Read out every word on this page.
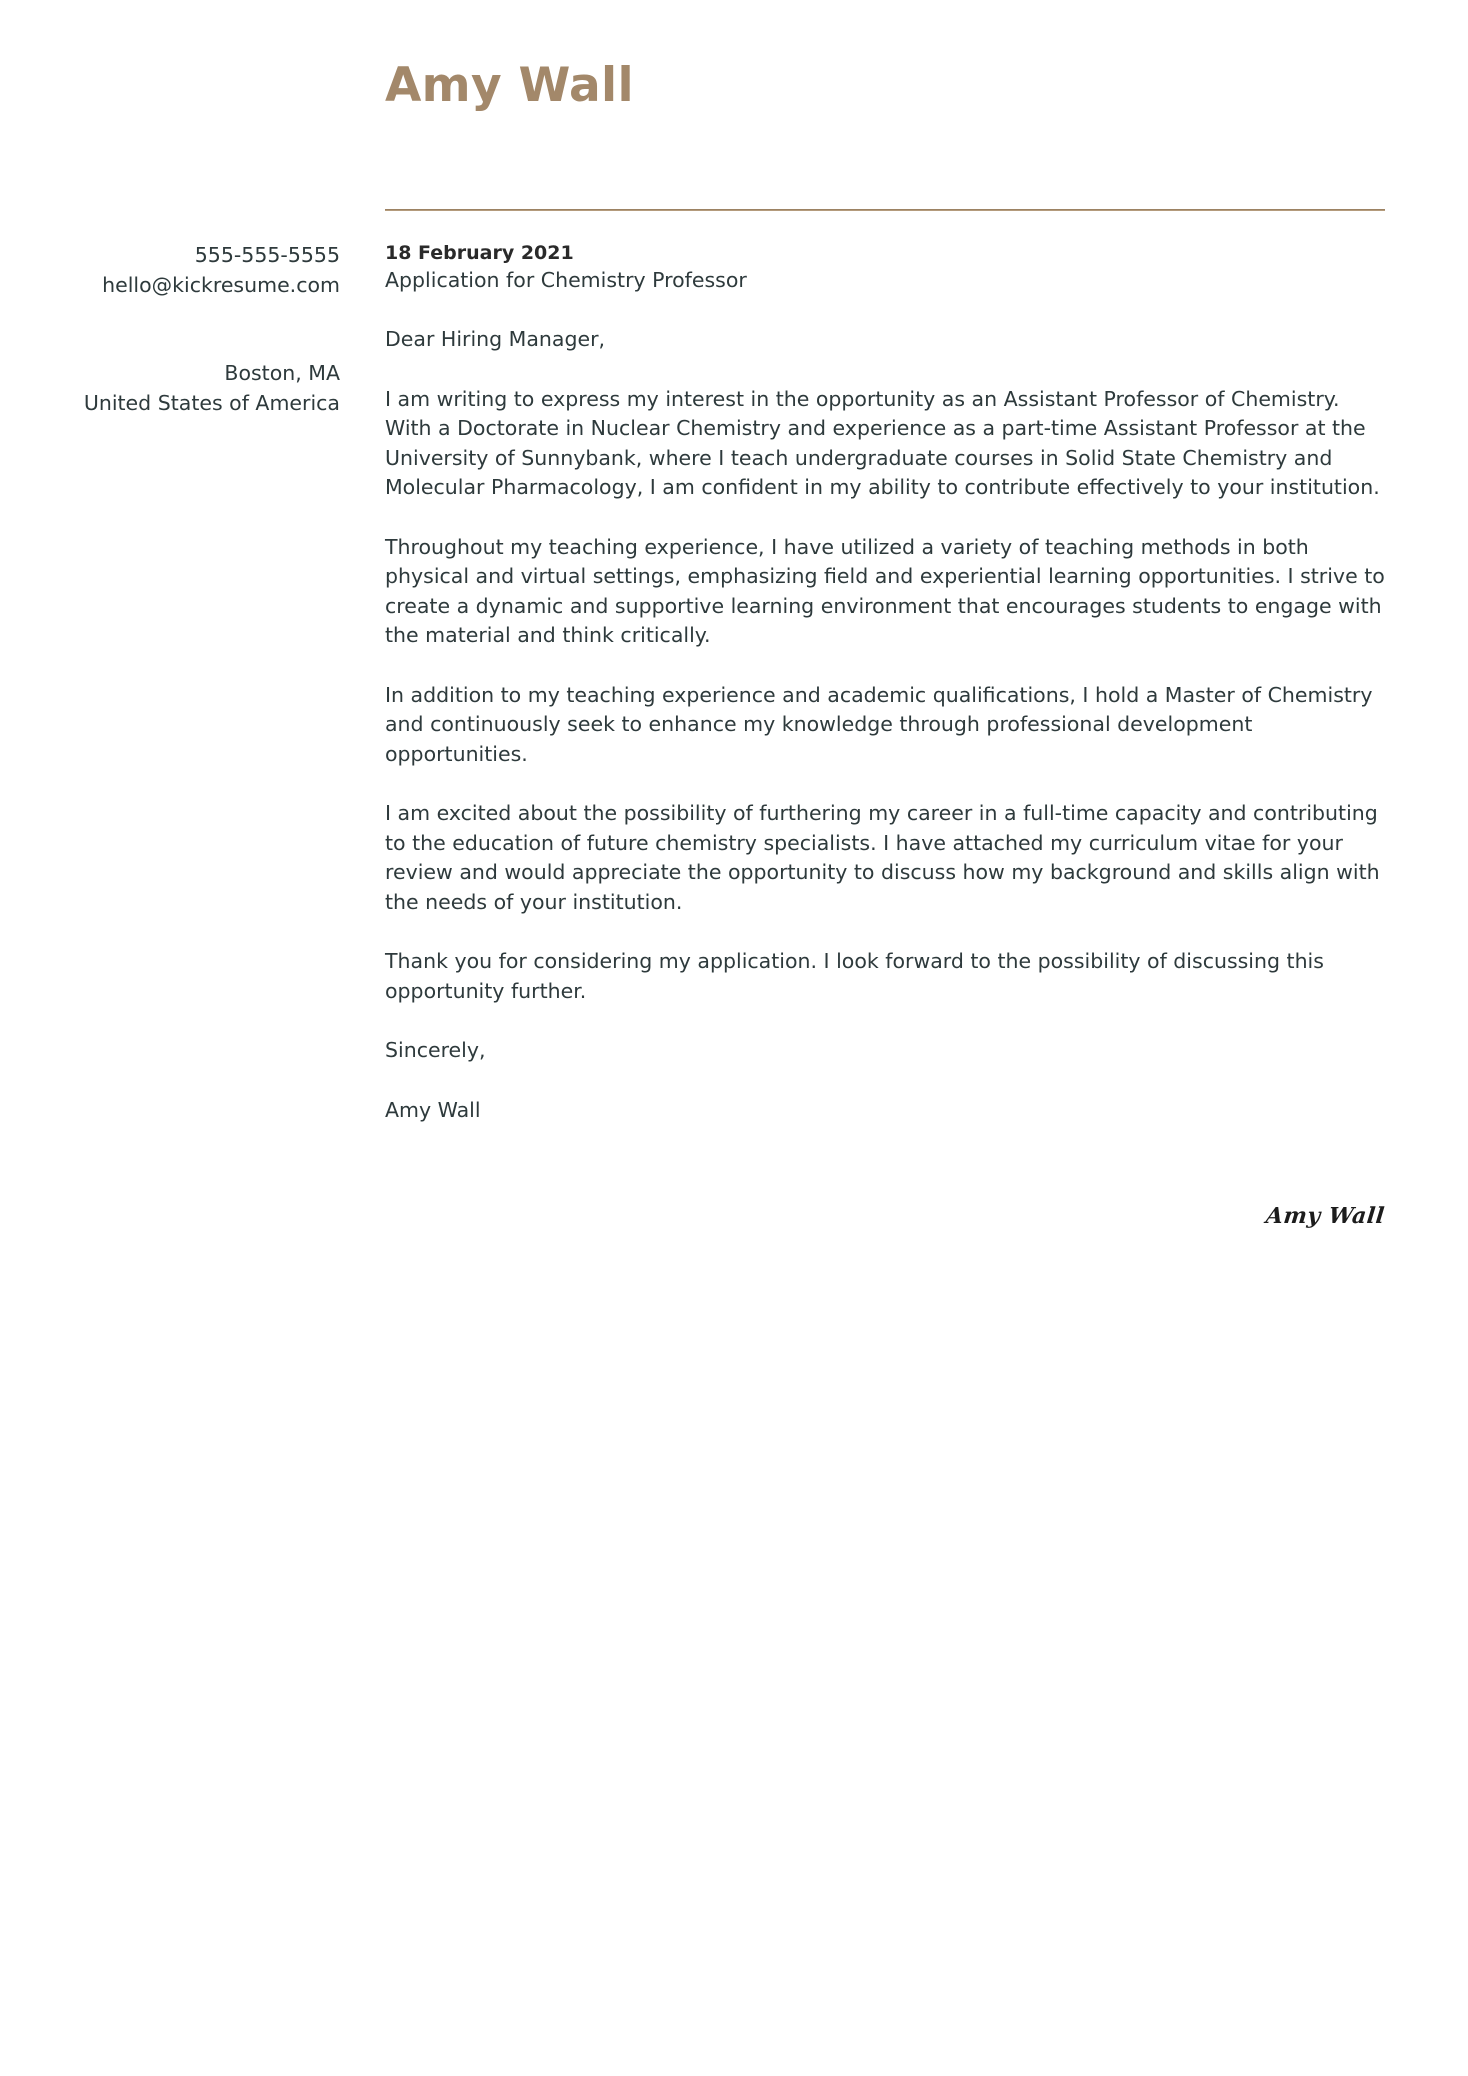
Amy Wall
555-555-5555
hello@kickresume.com
Boston, MA
United States of America

18 February 2021

Application for Chemistry Professor

Dear Hiring Manager,

I am writing to express my interest in the opportunity as an Assistant Professor of Chemistry. With a Doctorate in Nuclear Chemistry and experience as a part-time Assistant Professor at the University of Sunnybank, where I teach undergraduate courses in Solid State Chemistry and Molecular Pharmacology, I am confident in my ability to contribute effectively to your institution.

Throughout my teaching experience, I have utilized a variety of teaching methods in both physical and virtual settings, emphasizing field and experiential learning opportunities. I strive to create a dynamic and supportive learning environment that encourages students to engage with the material and think critically.

In addition to my teaching experience and academic qualifications, I hold a Master of Chemistry and continuously seek to enhance my knowledge through professional development opportunities.

I am excited about the possibility of furthering my career in a full-time capacity and contributing to the education of future chemistry specialists. I have attached my curriculum vitae for your review and would appreciate the opportunity to discuss how my background and skills align with the needs of your institution.

Thank you for considering my application. I look forward to the possibility of discussing this opportunity further.

Sincerely,

Amy Wall

Amy Wall
